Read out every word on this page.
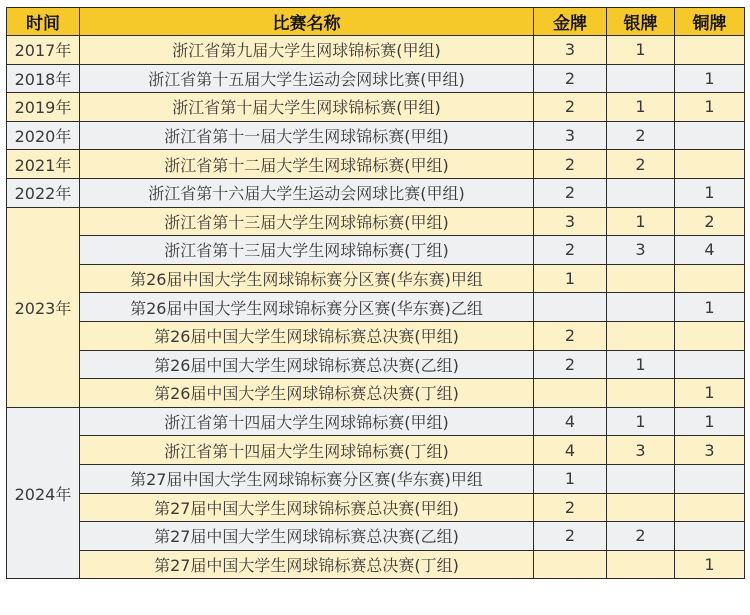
时间	比赛名称	金牌	银牌	铜牌
2017年	浙江省第九届大学生网球锦标赛(甲组)	3	1	
2018年	浙江省第十五届大学生运动会网球比赛(甲组)	2		1
2019年	浙江省第十届大学生网球锦标赛(甲组)	2	1	1
2020年	浙江省第十一届大学生网球锦标赛(甲组)	3	2	
2021年	浙江省第十二届大学生网球锦标赛(甲组)	2	2	
2022年	浙江省第十六届大学生运动会网球比赛(甲组)	2		1
2023年	浙江省第十三届大学生网球锦标赛(甲组)	3	1	2
	浙江省第十三届大学生网球锦标赛(丁组)	2	3	4
	第26届中国大学生网球锦标赛分区赛(华东赛)甲组	1		
	第26届中国大学生网球锦标赛分区赛(华东赛)乙组			1
	第26届中国大学生网球锦标赛总决赛(甲组)	2		
	第26届中国大学生网球锦标赛总决赛(乙组)	2	1	
	第26届中国大学生网球锦标赛总决赛(丁组)			1
2024年	浙江省第十四届大学生网球锦标赛(甲组)	4	1	1
	浙江省第十四届大学生网球锦标赛(丁组)	4	3	3
	第27届中国大学生网球锦标赛分区赛(华东赛)甲组	1		
	第27届中国大学生网球锦标赛总决赛(甲组)	2		
	第27届中国大学生网球锦标赛总决赛(乙组)	2	2	
	第27届中国大学生网球锦标赛总决赛(丁组)			1
